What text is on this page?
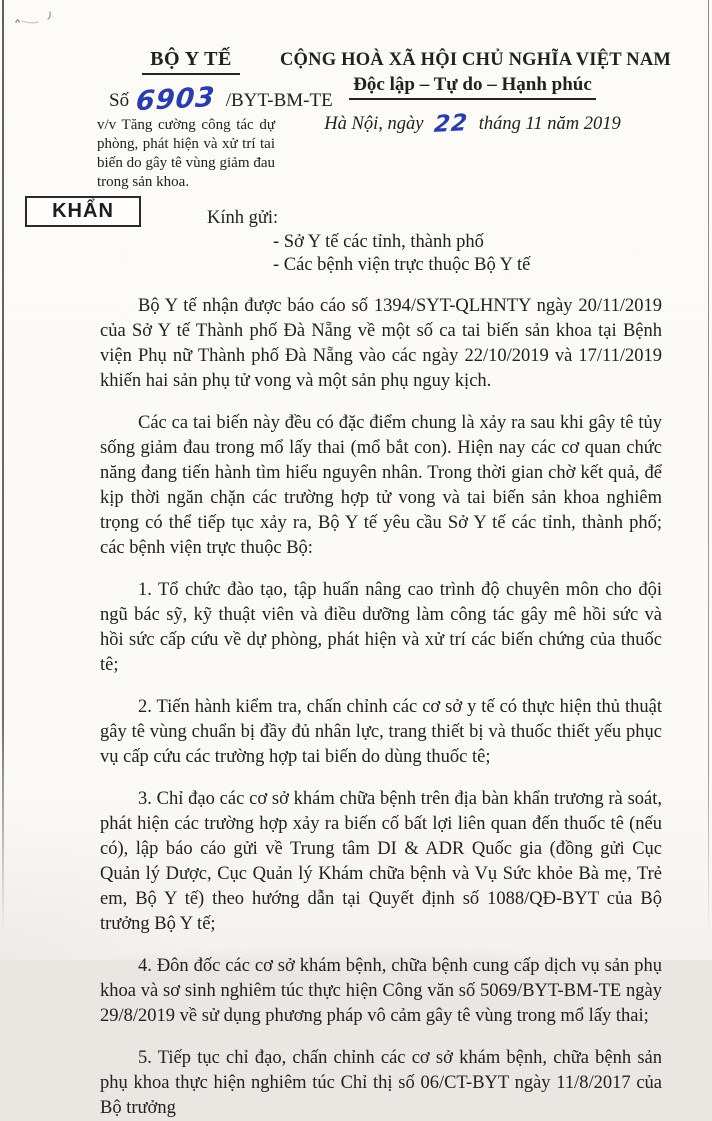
BỘ Y TẾ
Số 6903 /BYT-BM-TE
v/v Tăng cường công tác dự phòng, phát hiện và xử trí tai biến do gây tê vùng giảm đau trong sản khoa.
CỘNG HOÀ XÃ HỘI CHỦ NGHĨA VIỆT NAM
Độc lập – Tự do – Hạnh phúc
Hà Nội, ngày 22 tháng 11 năm 2019
KHẨN	Kính gửi:
- Sở Y tế các tỉnh, thành phố
- Các bệnh viện trực thuộc Bộ Y tế

Bộ Y tế nhận được báo cáo số 1394/SYT-QLHNTY ngày 20/11/2019 của Sở Y tế Thành phố Đà Nẵng về một số ca tai biến sản khoa tại Bệnh viện Phụ nữ Thành phố Đà Nẵng vào các ngày 22/10/2019 và 17/11/2019 khiến hai sản phụ tử vong và một sản phụ nguy kịch.

Các ca tai biến này đều có đặc điểm chung là xảy ra sau khi gây tê tủy sống giảm đau trong mổ lấy thai (mổ bắt con). Hiện nay các cơ quan chức năng đang tiến hành tìm hiểu nguyên nhân. Trong thời gian chờ kết quả, để kịp thời ngăn chặn các trường hợp tử vong và tai biến sản khoa nghiêm trọng có thể tiếp tục xảy ra, Bộ Y tế yêu cầu Sở Y tế các tỉnh, thành phố; các bệnh viện trực thuộc Bộ:

1. Tổ chức đào tạo, tập huấn nâng cao trình độ chuyên môn cho đội ngũ bác sỹ, kỹ thuật viên và điều dưỡng làm công tác gây mê hồi sức và hồi sức cấp cứu về dự phòng, phát hiện và xử trí các biến chứng của thuốc tê;

2. Tiến hành kiểm tra, chấn chỉnh các cơ sở y tế có thực hiện thủ thuật gây tê vùng chuẩn bị đầy đủ nhân lực, trang thiết bị và thuốc thiết yếu phục vụ cấp cứu các trường hợp tai biến do dùng thuốc tê;

3. Chỉ đạo các cơ sở khám chữa bệnh trên địa bàn khẩn trương rà soát, phát hiện các trường hợp xảy ra biến cố bất lợi liên quan đến thuốc tê (nếu có), lập báo cáo gửi về Trung tâm DI & ADR Quốc gia (đồng gửi Cục Quản lý Dược, Cục Quản lý Khám chữa bệnh và Vụ Sức khỏe Bà mẹ, Trẻ em, Bộ Y tế) theo hướng dẫn tại Quyết định số 1088/QĐ-BYT của Bộ trưởng Bộ Y tế;

4. Đôn đốc các cơ sở khám bệnh, chữa bệnh cung cấp dịch vụ sản phụ khoa và sơ sinh nghiêm túc thực hiện Công văn số 5069/BYT-BM-TE ngày 29/8/2019 về sử dụng phương pháp vô cảm gây tê vùng trong mổ lấy thai;

5. Tiếp tục chỉ đạo, chấn chỉnh các cơ sở khám bệnh, chữa bệnh sản phụ khoa thực hiện nghiêm túc Chỉ thị số 06/CT-BYT ngày 11/8/2017 của Bộ trưởng
